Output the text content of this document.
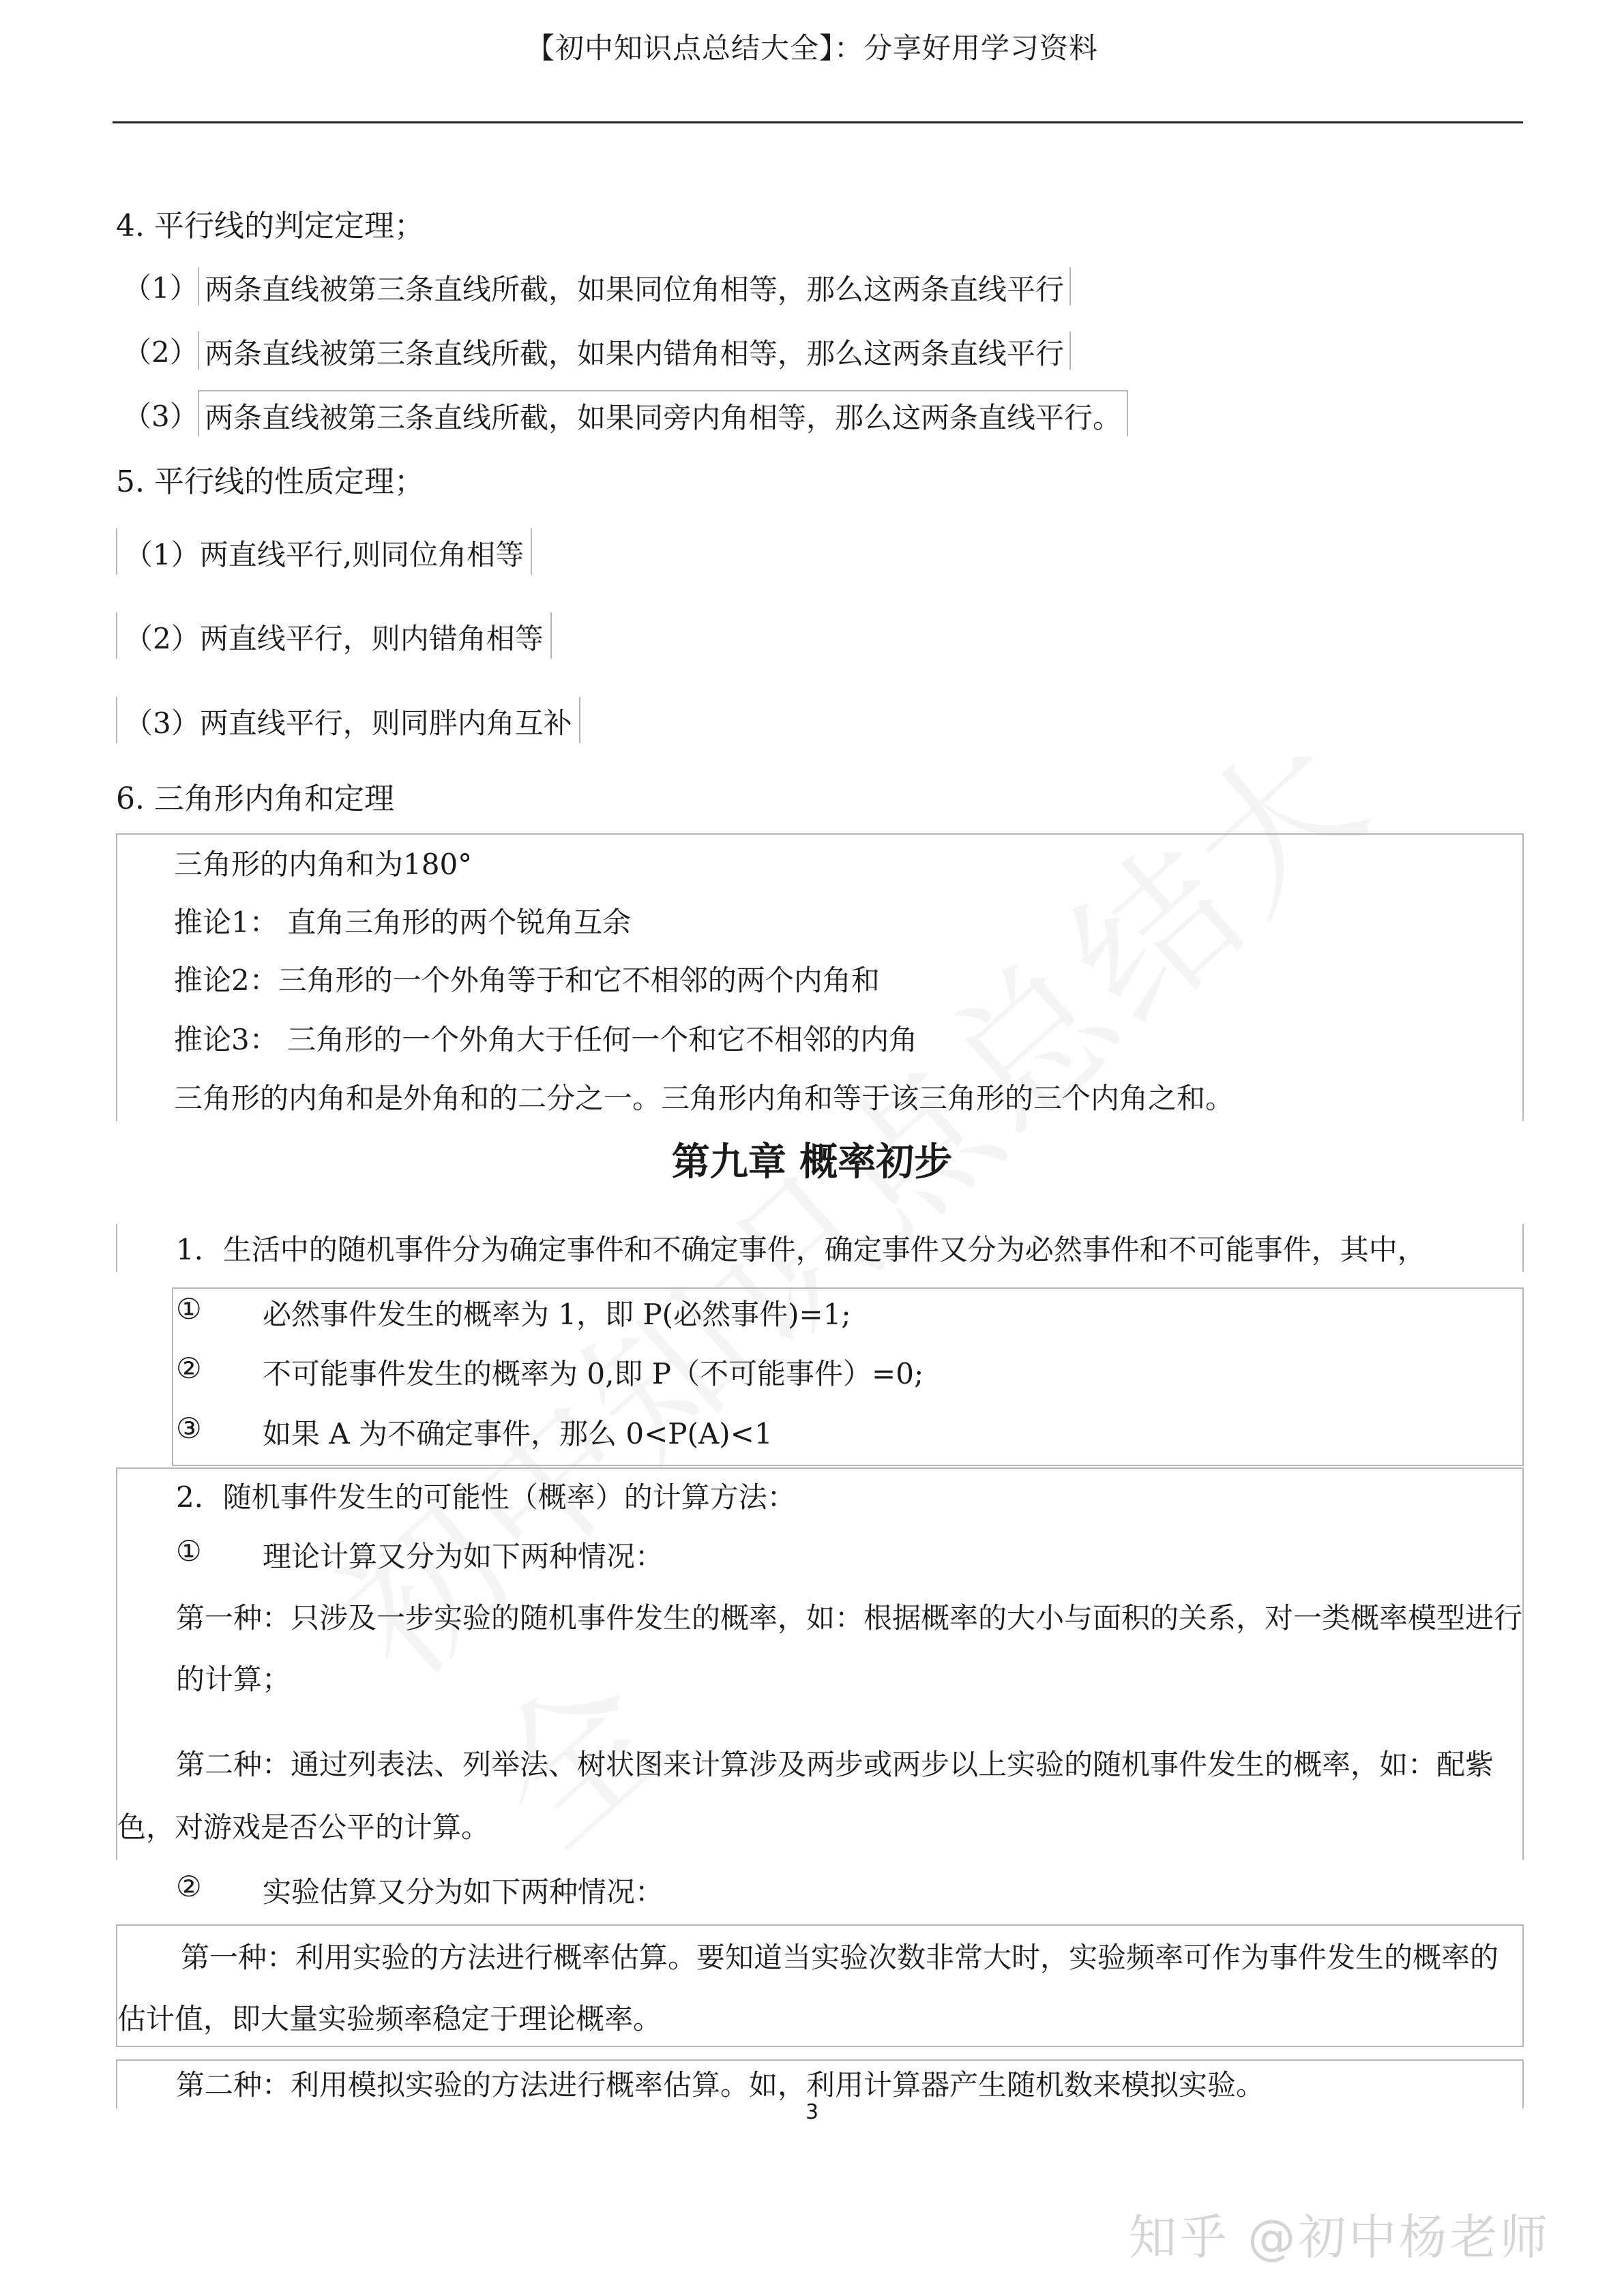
【初中知识点总结大全】：分享好用学习资料
4. 平行线的判定定理；
（1） 两条直线被第三条直线所截，如果同位角相等，那么这两条直线平行
（2） 两条直线被第三条直线所截，如果内错角相等，那么这两条直线平行
（3） 两条直线被第三条直线所截，如果同旁内角相等，那么这两条直线平行。
5. 平行线的性质定理；
（1）两直线平行,则同位角相等
（2）两直线平行，则内错角相等
（3）两直线平行，则同胖内角互补
6. 三角形内角和定理
三角形的内角和为180°
推论1： 直角三角形的两个锐角互余
推论2：三角形的一个外角等于和它不相邻的两个内角和
推论3： 三角形的一个外角大于任何一个和它不相邻的内角
三角形的内角和是外角和的二分之一。三角形内角和等于该三角形的三个内角之和。
第九章 概率初步
1．生活中的随机事件分为确定事件和不确定事件，确定事件又分为必然事件和不可能事件，其中，
① 必然事件发生的概率为 1，即 P(必然事件)=1;
② 不可能事件发生的概率为 0,即 P（不可能事件）=0;
③ 如果 A 为不确定事件，那么 0<P(A)<1
2．随机事件发生的可能性（概率）的计算方法：
① 理论计算又分为如下两种情况：
第一种：只涉及一步实验的随机事件发生的概率，如：根据概率的大小与面积的关系，对一类概率模型进行
的计算；
第二种：通过列表法、列举法、树状图来计算涉及两步或两步以上实验的随机事件发生的概率，如：配紫
色，对游戏是否公平的计算。
② 实验估算又分为如下两种情况：
第一种：利用实验的方法进行概率估算。要知道当实验次数非常大时，实验频率可作为事件发生的概率的
估计值，即大量实验频率稳定于理论概率。
第二种：利用模拟实验的方法进行概率估算。如，利用计算器产生随机数来模拟实验。
3
知乎 @初中杨老师
